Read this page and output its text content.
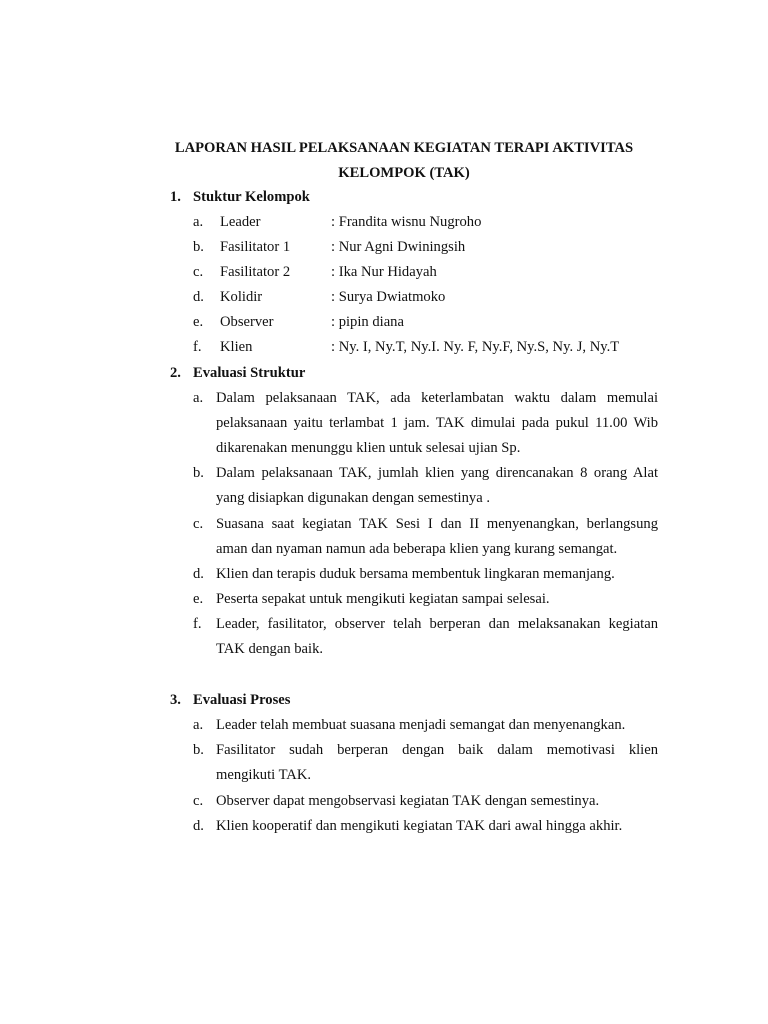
LAPORAN HASIL PELAKSANAAN KEGIATAN TERAPI AKTIVITAS
KELOMPOK (TAK)
1. Stuktur Kelompok
a. Leader	: Frandita wisnu Nugroho
b. Fasilitator 1	: Nur Agni Dwiningsih
c. Fasilitator 2	: Ika Nur Hidayah
d. Kolidir	: Surya Dwiatmoko
e. Observer	: pipin diana
f. Klien	: Ny. I, Ny.T, Ny.I. Ny. F, Ny.F, Ny.S, Ny. J, Ny.T
2. Evaluasi Struktur
a. Dalam pelaksanaan TAK, ada keterlambatan waktu dalam memulai
pelaksanaan yaitu terlambat 1 jam. TAK dimulai pada pukul 11.00 Wib
dikarenakan menunggu klien untuk selesai ujian Sp.
b. Dalam pelaksanaan TAK, jumlah klien yang direncanakan 8 orang Alat
yang disiapkan digunakan dengan semestinya .
c. Suasana saat kegiatan TAK Sesi I dan II menyenangkan, berlangsung
aman dan nyaman namun ada beberapa klien yang kurang semangat.
d. Klien dan terapis duduk bersama membentuk lingkaran memanjang.
e. Peserta sepakat untuk mengikuti kegiatan sampai selesai.
f. Leader, fasilitator, observer telah berperan dan melaksanakan kegiatan
TAK dengan baik.
3. Evaluasi Proses
a. Leader telah membuat suasana menjadi semangat dan menyenangkan.
b. Fasilitator sudah berperan dengan baik dalam memotivasi klien
mengikuti TAK.
c. Observer dapat mengobservasi kegiatan TAK dengan semestinya.
d. Klien kooperatif dan mengikuti kegiatan TAK dari awal hingga akhir.
